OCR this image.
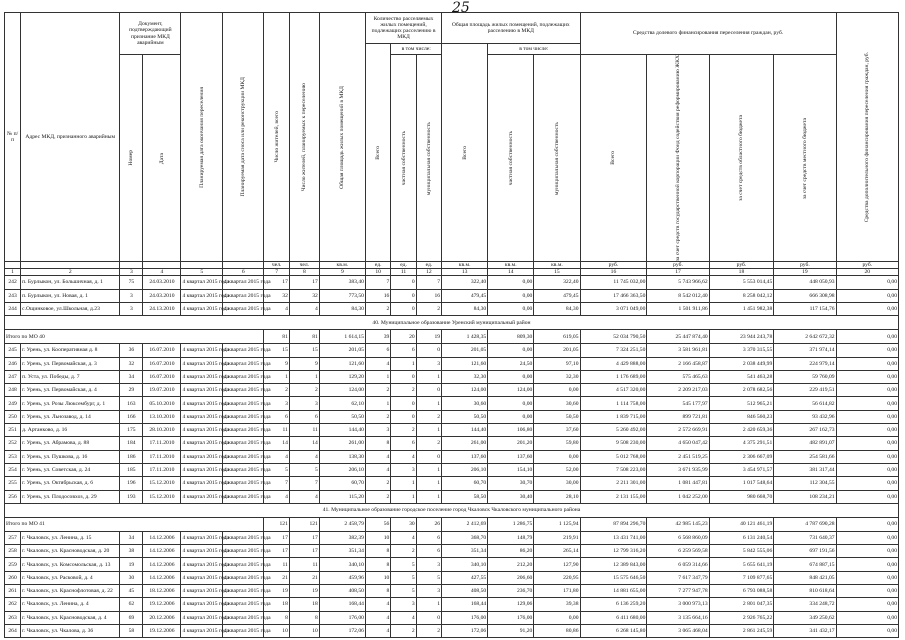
25
№ п/п	Адрес МКД, признанного аварийным	Документ, подтверждающий признание МКД аварийным		Планируемая дата окончания переселения	Планируемая дата сноса или реконструкции МКД	Число жителей, всего	Число жителей, планируемых к переселению	Общая площадь жилых помещений в МКД	Количество расселяемых жилых помещений, подлежащих расселению в МКД			Общая площадь жилых помещений, подлежащих расселению в МКД			Средства долевого финансирования переселения граждан, руб.				Средства дополнительного финансирования переселения граждан, руб.

									Всего	в том числе:		Всего	в том числе:						

		Номер	Дата							частная собственность	муниципальная собственность		частная собственность	муниципальная собственность	Всего	за счет средств государственной корпорации Фонд содействия реформированию ЖКХ	за счет средств областного бюджета	за счет средств местного бюджета	

						чел.	чел.	кв.м.	ед.	ед.	ед.	кв.м.	кв.м.	кв.м.	руб.	руб.	руб.	руб.	руб.
1	2	3	4	5	6	7	8	9	10	11	12	13	14	15	16	17	18	19	20
242	п. Бурлыкон, ул. Большичная, д. 1	75	24.03.2010	4 квартал 2015 года	4 квартал 2015 года	17	17	383,40	7	0	7	322,40	0,00	322,40	11 745 032,00	5 743 966,62	5 553 014,45	448 050,93	0,00
243	п. Бурлыкон, ул. Новая, д. 1	3	24.03.2010	4 квартал 2015 года	4 квартал 2015 года	32	32	773,50	16	0	16	479,45	0,00	479,45	17 466 363,50	8 542 012,40	8 258 042,12	666 308,98	0,00
244	с.Ощинковое, ул.Школьная, д.23	3	24.13.2010	4 квартал 2015 года	4 квартал 2015 года	4	4	84,30	2	0	2	84,30	0,00	84,30	3 071 049,00	1 501 911,86	1 451 982,38	117 154,76	0,00
40. Муниципальное образование Уренский муниципальный район																			
Итого по МО 40						81	81	1 614,15	39	20	19	1 428,35	809,30	619,05	52 034 790,50	25 447 874,40	23 944 243,78	2 642 672,32	0,00
245	г. Урень, ул. Кооперативная д. 8	36	16.07.2010	4 квартал 2015 года	4 квартал 2015 года	15	15	201,05	6	6	0	201,05	0,00	201,05	7 324 251,50	3 581 961,81	3 370 315,55	371 974,14	0,00
246	г. Урень, ул. Первомайская, д. 3	32	16.07.2010	4 квартал 2015 года	4 квартал 2015 года	9	9	121,60	4	1	3	121,60	24,50	97,10	4 429 888,00	2 166 458,87	2 038 449,99	224 979,14	0,00
247	п. Уста, ул. Победы, д. 7	34	16.07.2010	4 квартал 2015 года	4 квартал 2015 года	1	1	129,20	1	0	1	32,30	0,00	32,30	1 176 689,00	575 465,63	541 463,28	59 760,09	0,00
248	г. Урень, ул. Первомайская, д. 4	29	19.07.2010	4 квартал 2015 года	4 квартал 2015 года	2	2	124,00	2	2	0	124,00	124,00	0,00	4 517 320,00	2 209 217,03	2 078 682,56	229 419,51	0,00
249	г. Урень, ул. Розы Люксембург, д. 1	163	05.10.2010	4 квартал 2015 года	4 квартал 2015 года	3	3	62,10	1	0	1	30,60	0,00	30,60	1 114 758,00	545 177,97	512 965,21	56 614,82	0,00
250	г. Урень, ул. Льнозавод, д. 14	166	13.10.2010	4 квартал 2015 года	4 квартал 2015 года	6	6	50,50	2	0	2	50,50	0,00	50,50	1 839 715,00	899 721,81	846 560,23	93 432,96	0,00
251	д. Артанково, д. 16	175	28.10.2010	4 квартал 2015 года	4 квартал 2015 года	11	11	144,40	3	2	1	144,40	106,80	37,60	5 260 492,00	2 572 669,91	2 420 659,36	267 162,73	0,00
252	г. Урень, ул. Абрамова, д. 88	184	17.11.2010	4 квартал 2015 года	4 квартал 2015 года	14	14	261,00	8	6	2	261,00	201,20	59,80	9 508 230,00	4 650 047,42	4 375 291,51	482 891,07	0,00
253	г. Урень, ул. Пушкова, д. 16	186	17.11.2010	4 квартал 2015 года	4 квартал 2015 года	4	4	138,30	4	4	0	137,60	137,60	0,00	5 012 768,00	2 451 519,25	2 306 667,09	254 581,66	0,00
254	г. Урень, ул. Советская, д. 24	185	17.11.2010	4 квартал 2015 года	4 квартал 2015 года	5	5	206,10	4	3	1	206,10	154,10	52,00	7 508 223,00	3 671 935,99	3 454 971,57	381 317,44	0,00
255	г. Урень, ул. Октябрьская, д. 6	196	15.12.2010	4 квартал 2015 года	4 квартал 2015 года	7	7	60,70	2	1	1	60,70	30,70	30,00	2 211 301,00	1 081 447,81	1 017 548,64	112 304,55	0,00
256	г. Урень, ул. Плодосовхоз, д. 29	193	15.12.2010	4 квартал 2015 года	4 квартал 2015 года	4	4	115,20	2	1	1	58,50	30,40	28,10	2 131 155,00	1 042 252,00	980 668,70	108 234,21	0,00
41. Муниципальное образование городское поселение город Чкаловск Чкаловского муниципального района																			
Итого по МО 41						121	121	2 458,79	56	30	26	2 412,69	1 286,75	1 125,94	87 894 296,70	42 985 145,23	40 121 461,19	4 787 690,28	0,00
257	г. Чкаловск, ул. Ленина, д. 15	34	14.12.2006	4 квартал 2015 года	4 квартал 2015 года	17	17	382,39	10	4	6	368,70	148,79	219,91	13 431 741,00	6 568 860,09	6 131 240,54	731 640,37	0,00
258	г. Чкаловск, ул. Красноводская, д. 20	38	14.12.2006	4 квартал 2015 года	4 квартал 2015 года	17	17	351,34	8	2	6	351,34	86,20	265,14	12 799 316,20	6 259 569,58	5 842 555,06	697 191,56	0,00
259	г. Чкаловск, ул. Комсомольская, д. 13	19	14.12.2006	4 квартал 2015 года	4 квартал 2015 года	11	11	340,10	8	5	3	340,10	212,20	127,90	12 389 843,00	6 059 314,66	5 655 641,19	674 887,15	0,00
260	г. Чкаловск, ул. Расковой, д. 4	30	14.12.2006	4 квартал 2015 года	4 квартал 2015 года	21	21	459,96	10	5	5	427,55	206,60	220,95	15 575 646,50	7 617 347,79	7 109 877,65	848 421,05	0,00
261	г. Чкаловск, ул. Краснофлотовая, д. 22	45	18.12.2006	4 квартал 2015 года	4 квартал 2015 года	19	19	408,50	8	5	3	408,50	236,70	171,80	14 881 655,00	7 277 947,78	6 793 088,58	810 618,64	0,00
262	г. Чкаловск, ул. Ленина, д. 4	62	19.12.2006	4 квартал 2015 года	4 квартал 2015 года	18	18	168,44	4	3	1	168,44	129,06	39,38	6 136 259,20	3 000 973,13	2 801 047,35	334 248,72	0,00
263	г. Чкаловск, ул. Красноводская, д. 4	69	20.12.2006	4 квартал 2015 года	4 квартал 2015 года	8	8	176,00	4	4	0	176,00	176,00	0,00	6 411 680,00	3 135 664,16	2 926 765,22	349 250,62	0,00
264	г. Чкаловск, ул. Чкалова, д. 36	58	19.12.2006	4 квартал 2015 года	4 квартал 2015 года	10	10	172,06	4	2	2	172,06	91,20	80,86	6 268 145,80	3 065 468,04	2 861 245,59	341 432,17	0,00
